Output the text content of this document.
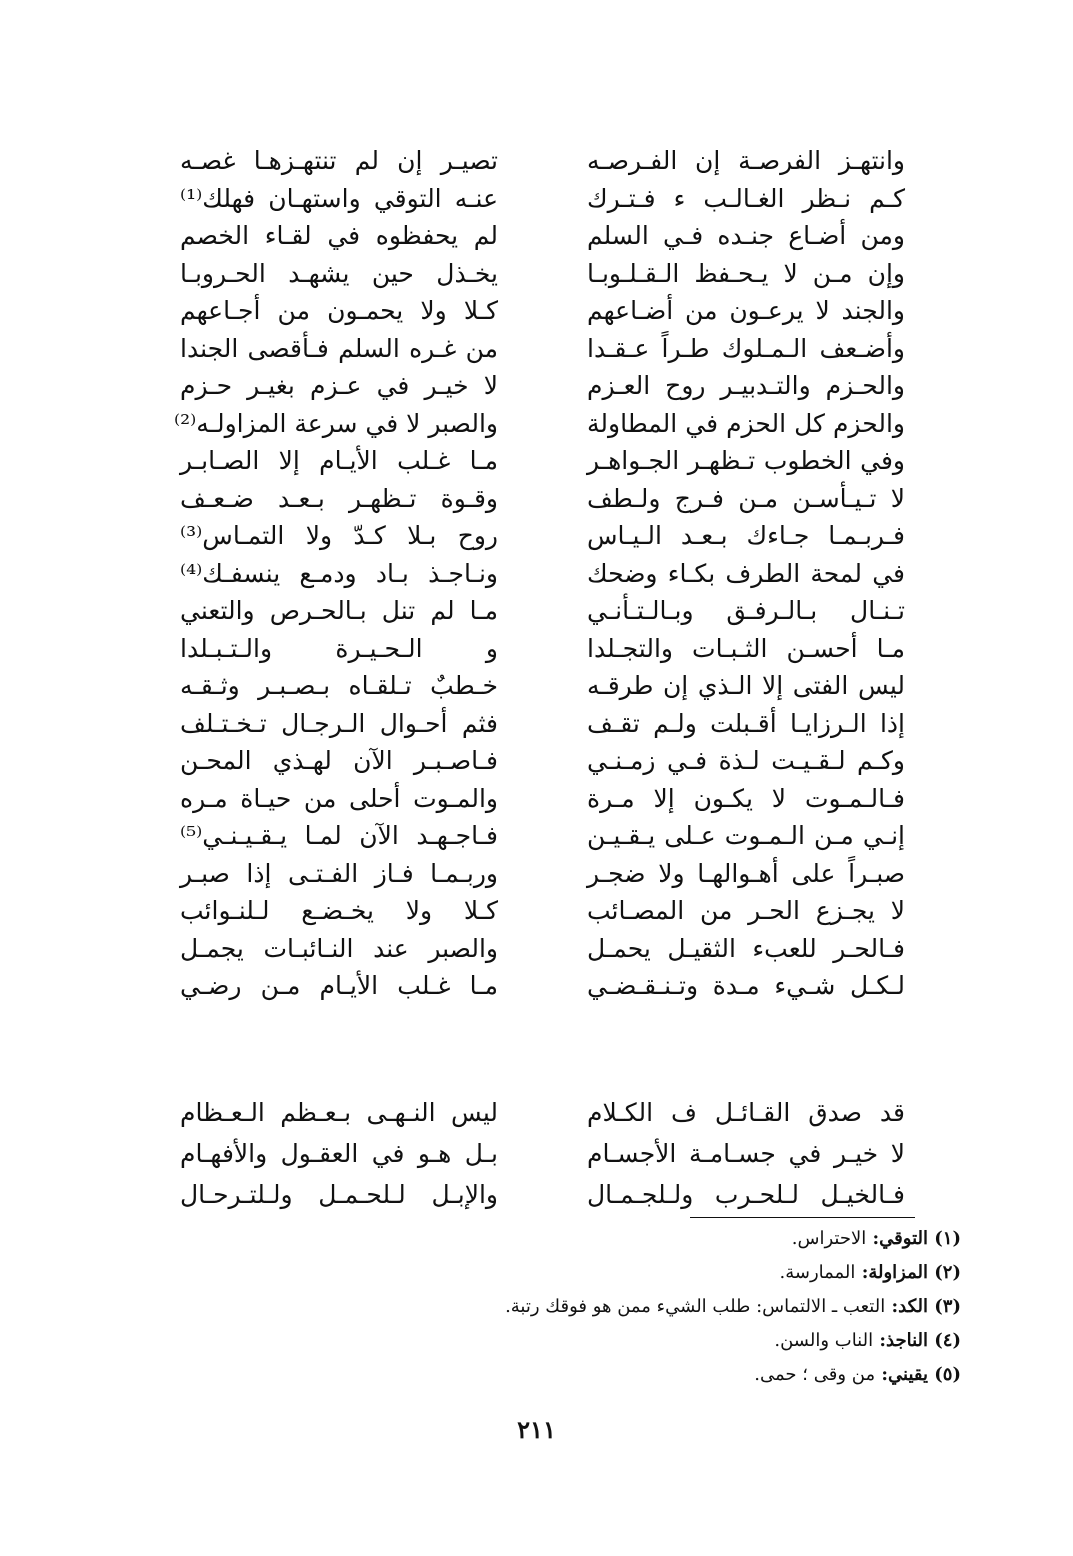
وانتهـز الفرصـة إن الفـرصـه
تصيـر إن لم تنتهـزهـا غصـه
كـم نـظر الغـالـب ء فـتـرك
عنـه التوقي واستهـان فهلك⁽¹⁾
ومن أضـاع جنـده فـي السلم
لم يحفظوه في لقـاء الخصم
وإن مـن لا يـحـفظ الـقـلـوبـا
يخـذل حين يشهـد الحـروبـا
والجند لا يرعـون من أضـاعهم
كـلا ولا يحمـون من أجـاعهم
وأضـعف الـمـلوك طـراً عـقـدا
من غـره السلم فـأقصى الجندا
والحـزم والتـدبيـر روح العـزم
لا خيـر في عـزم بغيـر حـزم
والحزم كل الحزم في المطاولة
والصبر لا في سرعة المزاولـه⁽²⁾
وفي الخطوب تـظهـر الجـواهـر
مـا غـلب الأيـام إلا الصـابـر
لا تـيـأسـن مـن فـرج ولـطف
وقـوة تـظهـر بـعـد ضـعـف
فـربـمـا جـاءك بـعـد الـيـاس
روح بـلا كـدّ ولا التمـاس⁽³⁾
في لمحة الطرف بكـاء وضحك
ونـاجـذ بـاد ودمـع ينسفـك⁽⁴⁾
تـنـال بـالـرفـق وبـالـتـأنـي
مـا لم تنل بـالحـرص والتعني
مـا أحسـن الثـبـات والتجـلدا
و الـحـيـرة والـتـبـلدا
ليس الفتى إلا الـذي إن طرقـه
خـطبٌ تـلقـاه بـصـبـر وثـقـه
إذا الـرزايـا أقـبلت ولـم تقـف
فثم أحـوال الـرجـال تـخـتـلف
وكـم لـقـيـت لـذة فـي زمـنـي
فـاصـبـر الآن لهـذي المحـن
فـالـمـوت لا يكـون إلا مـرة
والمـوت أحلى من حيـاة مـره
إنـي مـن الـمـوت عـلى يـقـيـن
فـاجـهـد الآن لمـا يـقـيـنـي⁽⁵⁾
صبـراً على أهـوالهـا ولا ضجـر
وربـمـا فـاز الفـتـى إذا صبـر
لا يجـزع الحـر من المصـائب
كـلا ولا يخـضـع لـلنـوائب
فـالحـر للعبء الثقيـل يحمـل
والصبر عند النـائبـات يجمـل
لـكـل شـيء مـدة وتـنـقـضـي
مـا غـلب الأيـام مـن رضـي
قد صدق القـائـل ف الكـلام
ليس النـهـى بـعـظم الـعـظام
لا خيـر في جسـامـة الأجسـام
بـل هـو في العقـول والأفهـام
فـالخيـل لـلحـرب ولـلجـمـال
والإبـل لـلحـمـل ولـلتـرحـال
(١) التوقي: الاحتراس.
(٢) المزاولة: الممارسة.
(٣) الكد: التعب ـ الالتماس: طلب الشيء ممن هو فوقك رتبة.
(٤) الناجذ: الناب والسن.
(٥) يقيني: من وقى ؛ حمى.
٢١١
